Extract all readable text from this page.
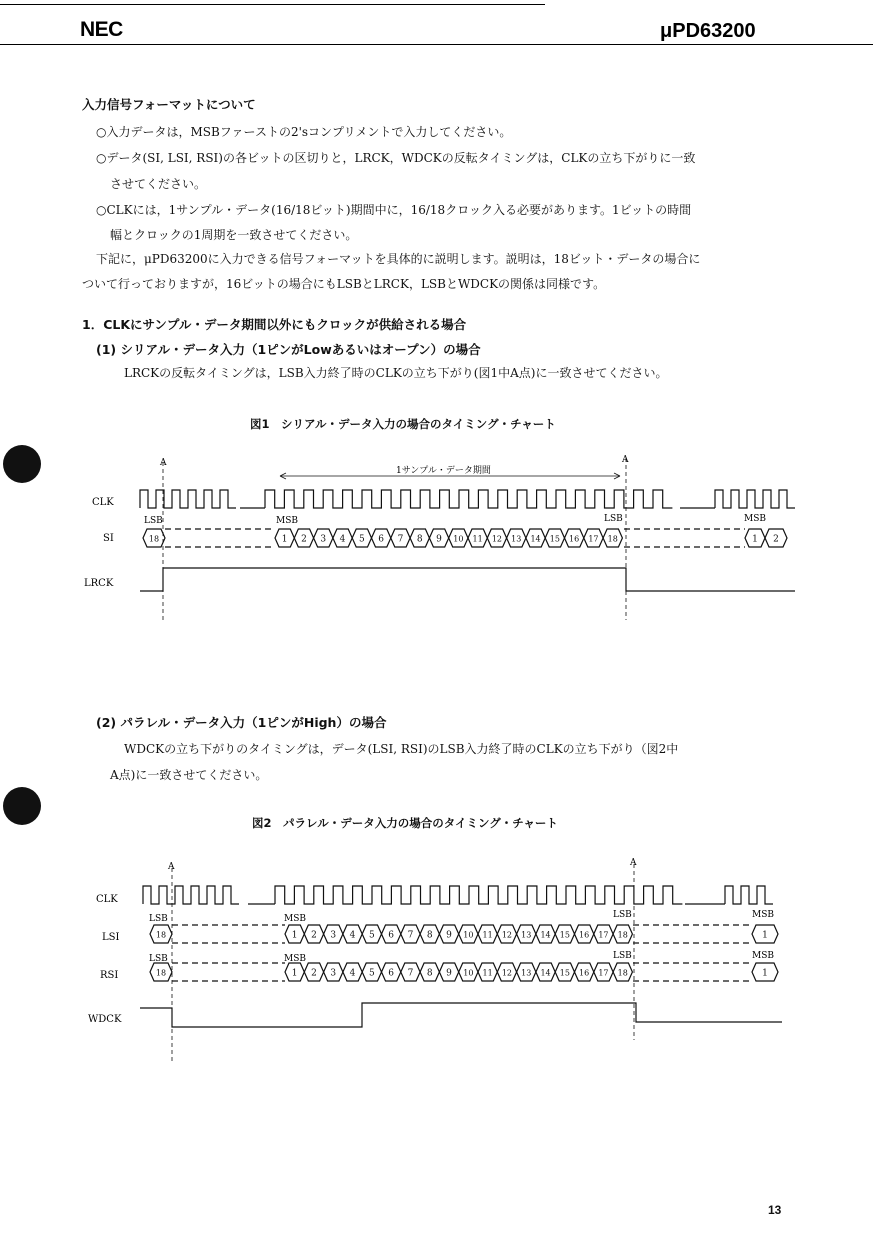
NEC	μPD63200
入力信号フォーマットについて
○入力データは，MSBファーストの2'sコンプリメントで入力してください。
○データ(SI, LSI, RSI)の各ビットの区切りと，LRCK，WDCKの反転タイミングは，CLKの立ち下がりに一致
させてください。
○CLKには，1サンプル・データ(16/18ビット)期間中に，16/18クロック入る必要があります。1ビットの時間
幅とクロックの1周期を一致させてください。
下記に，μPD63200に入力できる信号フォーマットを具体的に説明します。説明は，18ビット・データの場合に
ついて行っておりますが，16ビットの場合にもLSBとLRCK，LSBとWDCKの関係は同様です。
1．CLKにサンプル・データ期間以外にもクロックが供給される場合
(1) シリアル・データ入力（1ピンがLowあるいはオープン）の場合
LRCKの反転タイミングは，LSB入力終了時のCLKの立ち下がり(図1中A点)に一致させてください。
図1　シリアル・データ入力の場合のタイミング・チャート
18	1 2 3 4 5 6 7 8 9 10 11 12 13 14 15 16 17 18	1 2
CLK
SI
LRCK
A	A
1サンプル・データ期間
LSB	MSB	LSB	MSB
(2) パラレル・データ入力（1ピンがHigh）の場合
WDCKの立ち下がりのタイミングは，データ(LSI, RSI)のLSB入力終了時のCLKの立ち下がり（図2中
A点)に一致させてください。
図2　パラレル・データ入力の場合のタイミング・チャート
18	1 2 3 4 5 6 7 8 9 10 11 12 13 14 15 16 17 18	1
18	1 2 3 4 5 6 7 8 9 10 11 12 13 14 15 16 17 18	1
CLK
LSI
RSI
WDCK
A	A
LSB	MSB	LSB	MSB
LSB	MSB	LSB	MSB
13
